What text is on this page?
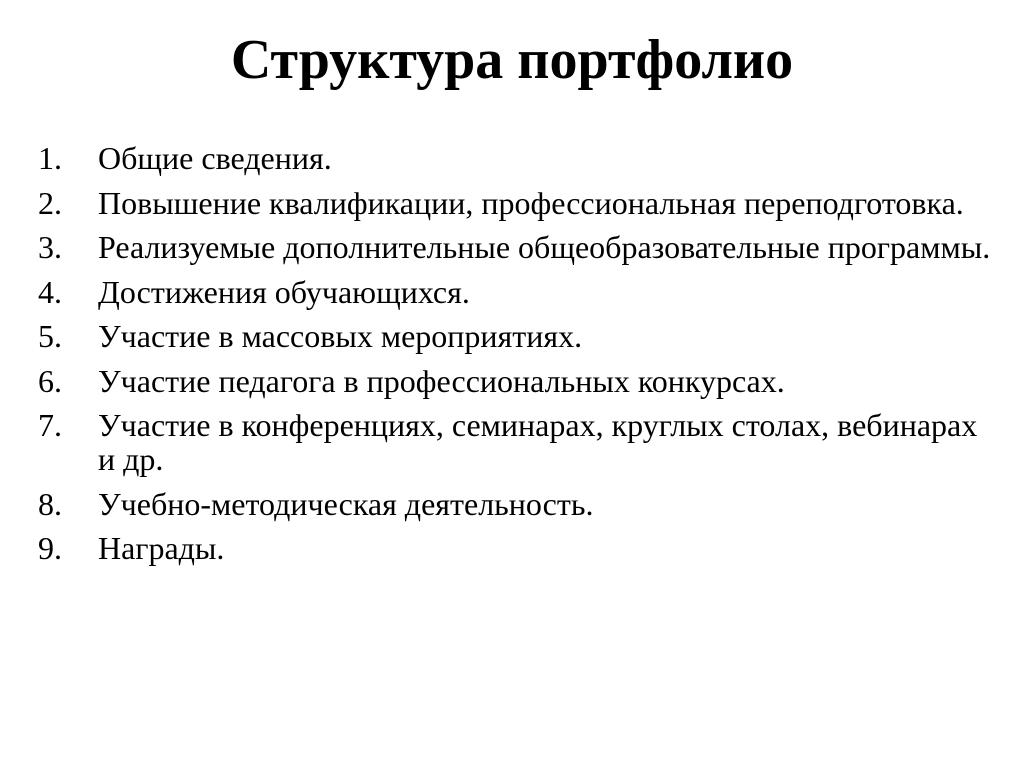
Структура портфолио
1.	Общие сведения.
2.	Повышение квалификации, профессиональная переподготовка.
3.	Реализуемые дополнительные общеобразовательные программы.
4.	Достижения обучающихся.
5.	Участие в массовых мероприятиях.
6.	Участие педагога в профессиональных конкурсах.
7.	Участие в конференциях, семинарах, круглых столах, вебинарах и др.
8.	Учебно-методическая деятельность.
9.	Награды.
